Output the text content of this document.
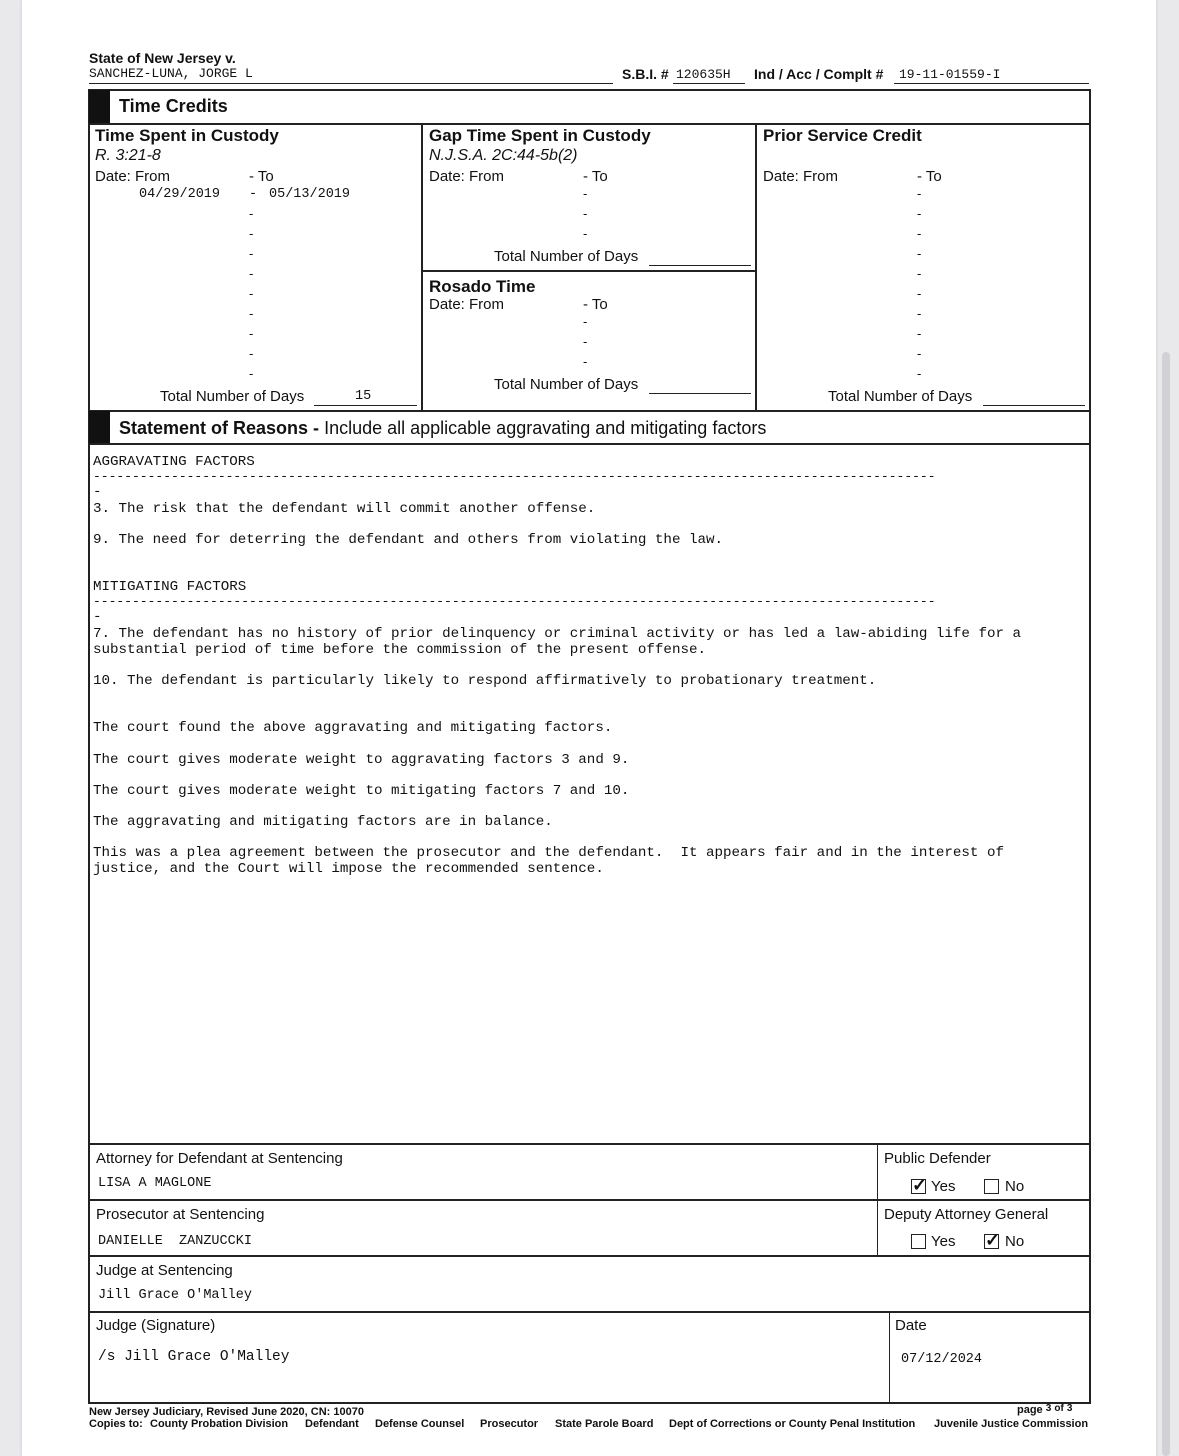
State of New Jersey v.
SANCHEZ-LUNA, JORGE L	S.B.I. # 120635H Ind / Acc / Complt # 19-11-01559-I
Time Credits
Time Spent in Custody
R. 3:21-8
Date: From	- To
04/29/2019 - 05/13/2019
-
-
-
-
-
-
-
-
-
Total Number of Days	15
Gap Time Spent in Custody
N.J.S.A. 2C:44-5b(2)
Date: From	- To
-
-
-
Total Number of Days
Rosado Time
Date: From	- To
-
-
-
Total Number of Days
Prior Service Credit
Date: From	- To
-
-
-
-
-
-
-
-
-
-
Total Number of Days
Statement of Reasons - Include all applicable aggravating and mitigating factors
AGGRAVATING FACTORS
------------------------------------------------------------------------------------------------------------
-
3. The risk that the defendant will commit another offense.
9. The need for deterring the defendant and others from violating the law.
MITIGATING FACTORS
------------------------------------------------------------------------------------------------------------
-
7. The defendant has no history of prior delinquency or criminal activity or has led a law-abiding life for a
substantial period of time before the commission of the present offense.
10. The defendant is particularly likely to respond affirmatively to probationary treatment.
The court found the above aggravating and mitigating factors.
The court gives moderate weight to aggravating factors 3 and 9.
The court gives moderate weight to mitigating factors 7 and 10.
The aggravating and mitigating factors are in balance.
This was a plea agreement between the prosecutor and the defendant.  It appears fair and in the interest of
justice, and the Court will impose the recommended sentence.
Attorney for Defendant at Sentencing
LISA A MAGLONE
Public Defender
✓ Yes	No
Prosecutor at Sentencing
DANIELLE  ZANZUCCKI
Deputy Attorney General
Yes ✓ No
Judge at Sentencing
Jill Grace O'Malley
Judge (Signature)
/s Jill Grace O'Malley
Date
07/12/2024
New Jersey Judiciary, Revised June 2020, CN: 10070	page 3 of 3
Copies to: County Probation Division Defendant Defense Counsel Prosecutor State Parole Board Dept of Corrections or County Penal Institution Juvenile Justice Commission
